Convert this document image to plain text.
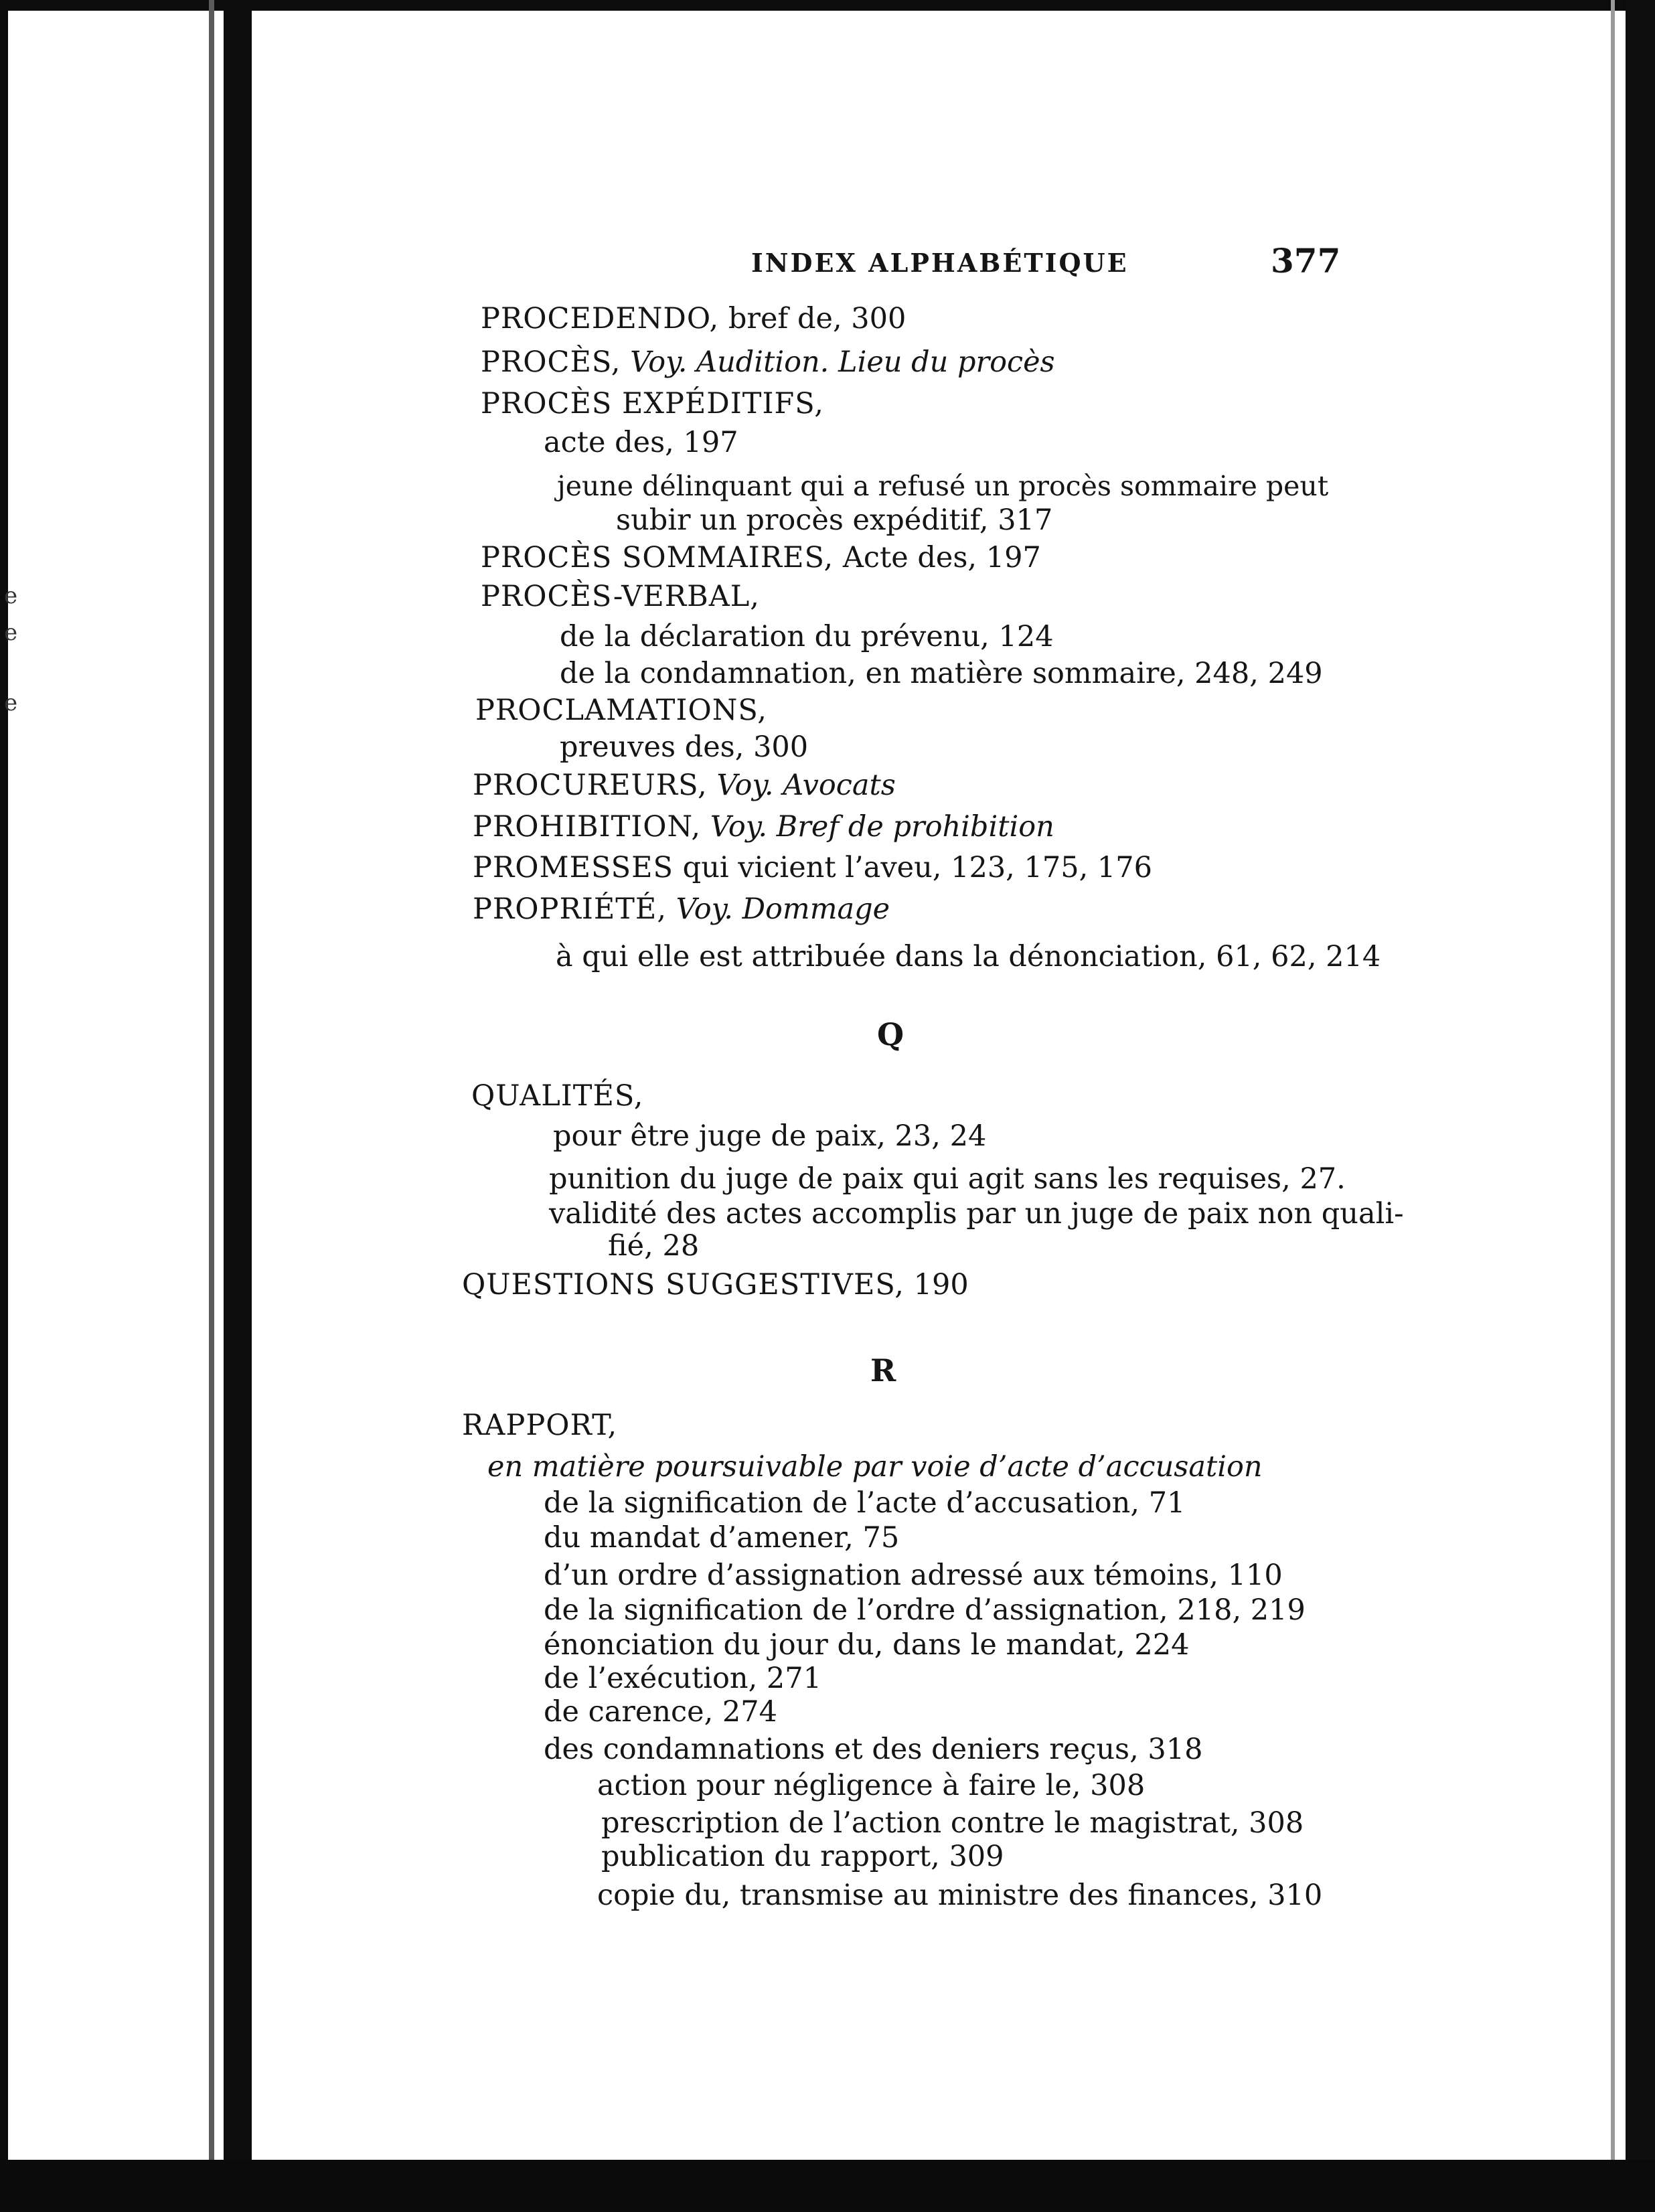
e
e
e
INDEX ALPHABÉTIQUE	377
PROCEDENDO, bref de, 300
PROCÈS, Voy. Audition. Lieu du procès
PROCÈS EXPÉDITIFS,
acte des, 197
jeune délinquant qui a refusé un procès sommaire peut
subir un procès expéditif, 317
PROCÈS SOMMAIRES, Acte des, 197
PROCÈS-VERBAL,
de la déclaration du prévenu, 124
de la condamnation, en matière sommaire, 248, 249
PROCLAMATIONS,
preuves des, 300
PROCUREURS, Voy. Avocats
PROHIBITION, Voy. Bref de prohibition
PROMESSES qui vicient l’aveu, 123, 175, 176
PROPRIÉTÉ, Voy. Dommage
à qui elle est attribuée dans la dénonciation, 61, 62, 214
Q
QUALITÉS,
pour être juge de paix, 23, 24
punition du juge de paix qui agit sans les requises, 27.
validité des actes accomplis par un juge de paix non quali-
fié, 28
QUESTIONS SUGGESTIVES, 190
R
RAPPORT,
en matière poursuivable par voie d’acte d’accusation
de la signification de l’acte d’accusation, 71
du mandat d’amener, 75
d’un ordre d’assignation adressé aux témoins, 110
de la signification de l’ordre d’assignation, 218, 219
énonciation du jour du, dans le mandat, 224
de l’exécution, 271
de carence, 274
des condamnations et des deniers reçus, 318
action pour négligence à faire le, 308
prescription de l’action contre le magistrat, 308
publication du rapport, 309
copie du, transmise au ministre des finances, 310
